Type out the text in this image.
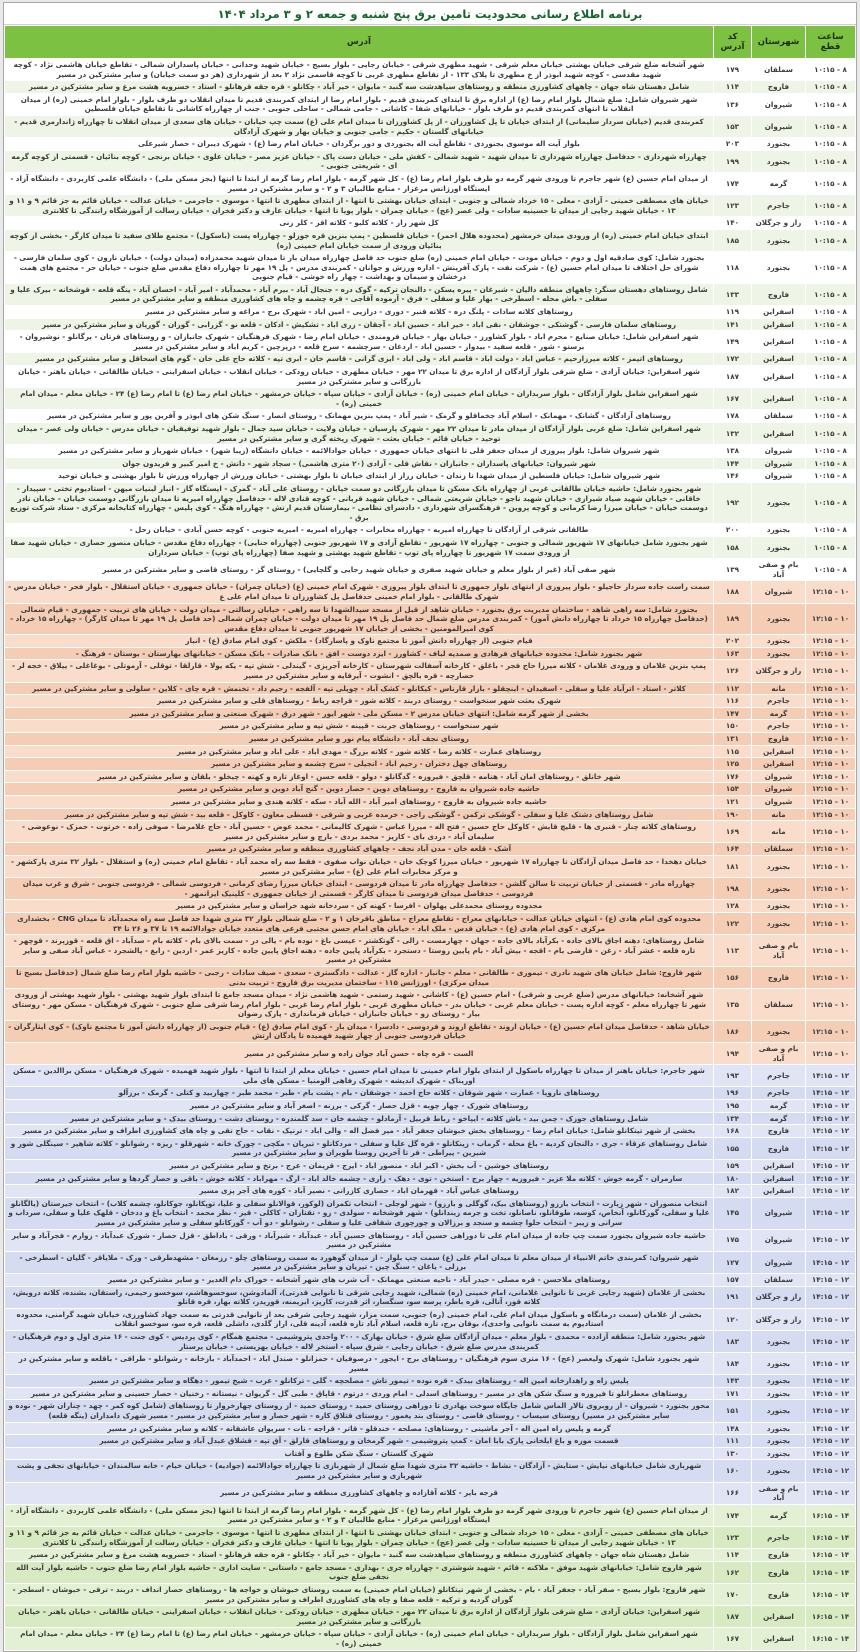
برنامه اطلاع رسانی محدودیت تامین برق پنج شنبه و جمعه ۲ و ۳ مرداد ۱۴۰۴
ساعت قطع	شهرستان	کد آدرس	آدرس
۸ - ۱۰:۱۵	سملقان	۱۷۹	شهر آشخانه ضلع شرقی خیابان بهشتی خیابان معلم شرقی - شهید مطهری شرقی - خیابان رجایی - بلوار بسیج - خیابان شهید وحدانی - خیابان پاسداران شمالی - تقاطع خیابان هاشمی نژاد - کوچه شهید مقدسی - کوچه شهید ابوذر از خ مطهری تا پلاک ۱۳۳ - از تقاطع مطهری غربی تا کوچه قاسمی نژاد ۲ بعد از شهرداری (هر دو سمت خیابان) و سایر مشترکین در مسیر
۸ - ۱۰:۱۵	فاروج	۱۱۴	شامل دهستان شاه جهان - چاههای کشاورزی منطقه و روستاهای سیاهدشت سه گنبد - مایوان - خیر آباد - چکانلو - قره جقه قرهانلو - استاد - خسرویه هشت مرغ و سایر مشترکین در مسیر
۸ - ۱۰:۱۵	شیروان	۱۳۶	شهر شیروان شامل: ضلع شمال بلوار امام رضا (ع) از اداره برق تا ابتدای کمربندی قدیم - بلوار امام رضا از ابتدای کمربندی قدیم تا میدان انقلاب دو طرف بلوار - بلوار امام خمینی (ره) از میدان انقلاب تا انتهای کمربندی قدیم دو طرف بلوار - خیابانهای شفا - کاشانی - جامی شمالی - ساحلی جنوبی - جنب از چهارراه کاشانی تا تقاطع خیابان فلسطین
۸ - ۱۰:۱۵	شیروان	۱۵۳	کمربندی قدیم (خیابان سردار سلیمانی) از ابتدای خیابان تا پل کشاورزان - از پل کشاورزان تا میدان امام علی (ع) سمت چپ خیابان - خیابان های سعدی از میدان انقلاب تا چهارراه ژاندارمری قدیم - خیابانهای گلستان - حکیم - جامی جنوبی و خیابان بهار و شهرک آزادگان
۸ - ۱۰:۱۵	بجنورد	۲۰۳	بلوار آیت اله موسوی بجنوردی - تقاطع آیت اله بجنوردی و دور برگردان - خیابان امام رضا (ع) - شهرک دیبران - حصار شیرعلی
۸ - ۱۰:۱۵	بجنورد	۱۹۹	چهارراه شهرداری - حدفاصل چهارراه شهرداری تا میدان شهید - شهید شمالی - کفش ملی - خیابان دست پاک - خیابان عزیز مصر - خیابان علوی - خیابان برنجی - کوچه بنائیان - قسمتی از کوچه گرمه ای - شریعتی جنوبی -
۸ - ۱۰:۱۵	گرمه	۱۷۴	از میدان امام حسین (ع) شهر جاجرم تا ورودی شهر گرمه دو طرف بلوار امام رضا (ع) - کل شهر گرمه - بلوار امام رضا گرمه از ابتدا تا انتها (بجز مسکن ملی) - دانشگاه علمی کاربردی - دانشگاه آزاد - ایستگاه اورژانس مرغزار - منابع طالبیان ۳ و ۲ - و سایر مشترکین در مسیر
۸ - ۱۰:۱۵	جاجرم	۱۲۳	خیابان های مصطفی خمینی - آزادی - معلی - ۱۵ خرداد شمالی و جنوبی - ابتدای خیابان بهشتی تا انتها - از ابتدای مطهری تا انتها - موسوی - جاجرمی - خیابان عدالت - خیابان قائم به جز قائم ۹ و ۱۱ و ۱۳ - خیابان شهید رجایی از میدان تا حسینیه سادات - ولی عصر (عج) - خیابان چمران - بلوار پویا تا انتها - خیابان عارف و دکتر فخران - خیابان رسالت از آموزشگاه رانندگی تا کلانتری
۸ - ۱۰:۱۵	راز و جرگلان	۱۴۰	کل شهر راز - کلاته کلبو - کلاته اقر - کلر زنی
۸ - ۱۰:۱۵	بجنورد	۱۸۵	ابتدای خیابان امام خمینی (ره) از ورودی میدان خرمشهر (محدوده هلال احمر) - خیابان فلسطین - پمپ بنزین قره جوزلو - چهارراه پست (باسکول) - مجتمع طلای سفید تا میدان کارگر - بخشی از کوچه بنائیان ورودی از سمت خیابان امام خمینی (ره)
۸ - ۱۰:۱۵	بجنورد	۱۱۸	بجنورد شامل: کوی صادقیه اول و دوم - خیابان مودت - خیابان امام خمینی (ره) ضلع جنوب حد فاصل چهارراه میدان بار تا میدان شهید محمدزاده (میدان دولت) - خیابان نارون - کوی سلمان فارسی - شورای حل اختلاف تا میدان امام حسین (ع) - شرکت نفت - پارک آفرینش - اداره ورزش و جوانان - کمربندی مدرس - پل ۱۹ مهر تا چهارراه دفاع مقدس ضلع جنوب - خیابان حر - مجتمع های همت درخشان و سیمان و بهداشت - چهار راه خوشی - قیام جنوبی
۸ - ۱۰:۱۵	فاروج	۱۳۳	شامل روستاهای دهستان سنگر: چاههای منطقه دالیان - شیرغان - پیره یسکن - دالنجان ترکیه - گوک دره - جنجال آباد - بیرم آباد - محمدآباد - امیر آباد - احسان آباد - ینگه قلعه - قوشخانه - بیرک علیا و سفلی - باش محله - اسطرخی - بهار علیا و سفلی - فرق - آزموده آقاجی - قره چشمه و چاه های کشاورزی منطقه و سایر مشترکین در مسیر
۸ - ۱۰:۱۵	اسفراین	۱۱۹	روستاهای کلاته سادات - پلنگ دره - کلاته قنبر - دوری - درازپی - امین اباد - شهرک برج - مراغه و سایر مشترکین در مسیر
۸ - ۱۰:۱۵	اسفراین	۱۴۱	روستاهای سلمان فارسی - گوشتکی - جوشقان - نقی اباد - خیر اباد - حسین اباد - آجقان - زری اباد - تشکیش - ادکان - قلعه نو - گزرابی - گوران - گوریان و سایر مشترکین در مسیر
۸ - ۱۰:۱۵	اسفراین	۱۴۹	شهر اسفراین شامل: خیابان صنایع - محرم اباد - بلوار کشاورز - خیابان بهار - خیابان فرومندی - خیابان امام رضا - شهرک فرهنگیان - شهرک جانبازان - و روستاهای فرتان - برگانلو - نوشیروان - برستو - شور - قلعه سفید - بیدواز - حسین اباد - اردغان - سرچشمه - سرخ قلعه - درپرچین - کریم اباد و سایر مشترکین در مسیر
۸ - ۱۰:۱۵	اسفراین	۱۷۲	روستاهای اتیمز - کلاته میرزارحیم - عباس اباد - دولت اباد - قاسم اباد - ولی اباد - ایزی گرانی - قاسم خان - ابری تپه - کلاته حاج علی خان - گوم های اسحاقل و سایر مشترکین در مسیر
۸ - ۱۰:۱۵	اسفراین	۱۸۷	شهر اسفراین: خیابان آزادی - ضلع شرقی بلوار آزادگان از اداره برق تا میدان ۲۲ مهر - خیابان مطهری - خیابان رودکی - خیابان انقلاب - خیابان اسفراینی - خیابان طالقانی - خیابان باهنر - خیابان بازرگانی و سایر مشترکین در مسیر
۸ - ۱۰:۱۵	اسفراین	۱۶۷	شهر اسفراین شامل بلوار آزادگان - بلوار سربداران - خیابان امام خمینی (ره) - خیابان آزادی - خیابان سپاه - خیابان خرمشهر - خیابان امام رضا (ع) تا امام رضا (ع) ۲۴ - خیابان معلم - میدان امام خمینی (ره) -
۸ - ۱۰:۱۵	سملقان	۱۷۸	روستاهای آزادگان - گشانک - مهمانک - اسلام آباد جخماقلو و گرمک - شیر آباد - پمپ بنزین مهمانک - روستای انصار - سنگ شکن های ابوذر و آفرین پور و سایر مشترکین در مسیر
۸ - ۱۰:۱۵	اسفراین	۱۳۲	شهر اسفراین شامل: ضلع غربی بلوار آزادگان از میدان مادر تا میدان ۲۲ مهر - شهرک پارسیان - خیابان ولایت - خیابان سید جمال - بلوار شهید توفیقیان - خیابان مدرس - خیابان ولی عصر - میدان توحید - خیابان قائم - خیابان بعثت - شهرک ریخته گری و سایر مشترکین در مسیر
۸ - ۱۰:۱۵	شیروان	۱۳۸	شهر شیروان شامل: بلوار پیروزی از میدان جعفر قلی تا انتهای خیابان جمهوری - خیابان جوادالائمه - خیابان دانشگاه (زیبا شهر) - خیابان شهریار و سایر مشترکین در مسیر
۸ - ۱۰:۱۵	شیروان	۱۴۴	شهر شیروان: خیابانهای پاسداران - جانبازان - نقاش قلی - آزادی (۲۰ متری هاشمی) - سجاد شهر - دانش - خ امیر کبیر و فریدون جوان
۸ - ۱۰:۱۵	شیروان	۱۴۶	شهر شیروان شامل: خیابان فلسطین از میدان شهدا تا زندان - خیابان رزاز از ابتدای خیابان تا بلوار بهشتی - خیابان ورزش از چهارراه ورزش تا بلوار بهشتی و خیابان توحید
۸ - ۱۰:۱۵	بجنورد	۱۹۲	شهر بجنورد شامل: حاشیه خیابان طالقانی غربی از چهارراه بانک مسکن تا میدان بازرگانی دو سمت خیابان - روستای علی آباد - گمرک - ایستگاه گاز - انبار لبنیات میهن - استادیوم تختی - سپیدار - خاقانی - خیابان شهید صیاد شیرازی - خیابان شهید ناجو - خیابان شریعتی شمالی - خیابان شهید قربانی - کوچه قنادی لاله - حدفاصل چهارراه امیریه تا میدان بازرگانی دوسمت خیابان - خیابان نادر دوسمت خیابان - خیابان میرزا رضا کرمانی و کوچه پروین - فرهنگسرای شهرداری - دادسرای نظامی - بیمارستان قدیم ارتش - چهارراه هنگ - کوی پلیس - چهارراه کتابخانه مرکزی - ستاد شرکت توزیع برق -
۸ - ۱۰:۱۵	بجنورد	۲۰۰	طالقانی شرقی از آزادگان تا چهارراه امیریه - چهارراه مخابرات - چهارراه امیریه - امیریه جنوبی - کوچه حسن آبادی - خیابان زحل -
۸ - ۱۰:۱۵	بجنورد	۱۵۸	شهر بجنورد شامل خیابانهای ۱۷ شهریور شمالی و جنوبی - چهارراه ۱۷ شهریور - تقاطع آزادی و ۱۷ شهریور جنوبی (چهارراه حنایی) - چهارراه دفاع مقدس - خیابان منصور حصاری - خیابان شهید صفا از ورودی سمت ۱۷ شهریور تا چهارراه پای توپ - تقاطع شهید بهشتی و شهید صفا (چهارراه پای توپ) - خیابان سرداران
۸ - ۱۰:۱۵	بام و صفی آباد	۱۳۹	شهر صفی آباد (غیر از بلوار معلم و خیابان شهید صفری و خیابان شهید رجایی و گلچایی) - روستای گز - روستای قاضی و سایر مشترکین در مسیر
۱۰ - ۱۲:۱۵	شیروان	۱۸۸	سمت راست جاده سردار حاجیلو - بلوار پیروزی از انتهای بلوار جمهوری تا ابتدای بلوار پیروزی - شهرک امام خمینی (ع) (خیابان چمران) - خیابان جمهوری - خیابان استقلال - بلوار فجر - خیابان مدرس - شهرک طالقانی - بلوار امام خمینی حدفاصل پل کشاورزان تا میدان امام علی ع
۱۰ - ۱۲:۱۵	بجنورد	۱۸۹	بجنورد شامل: سه راهی شاهد - ساختمان مدیریت برق بجنورد - خیابان شاهد از قبل از مسجد سیدالشهدا تا سه راهی - خیابان رسالتی - میدان دولت - خیابان های تربیت - جمهوری - قیام شمالی (حدفاصل چهارراه ۱۵ خرداد تا چهارراه دانش آموز) - کمربندی مدرس ضلع شمال حد فاصل پل ۱۹ مهر تا میدان دولت - خیابان چمران شمالی (حد فاصل پل ۱۹ مهر تا میدان کارگر) - چهارراه ۱۵ خرداد - کوی امیرالمومنین - بخشی از خیابان ۱۷ شهریور جنوبی تا میدان دفاع مقدس
۱۰ - ۱۲:۱۵	بجنورد	۲۰۲	قیام جنوبی (از چهارراه دانش آموز تا مجتمع ناوک و پاسارگاد) - ملکش - کوی امام صادق (ع) - انبار
۱۰ - ۱۲:۱۵	بجنورد	۱۶۳	شهر بجنورد شامل: محدوده خیابانهای فرهادی و صمدیه لباف - کشاورز - ایزد دوست - افق - بانک صادرات - بانک مسکن - خیابانهای بهارستان - بوستان - فرهنگ -
۱۰ - ۱۲:۱۵	راز و جرگلان	۱۲۶	پمپ بنزین غلامان و ورودی غلامان - کلاته میرزا حاج فجر - باغلق - کارخانه آسفالت شهرستان - کارخانه آجرپزی - گیندلی - شش تپه - یکه یولا - قارلقا - توقلی - آرموتلی - بوغاغلی - ییلاق - خجه لر - حصارچه - قره بالچق - انشوت - آیرقایه و سایر مشترکین در مسیر
۱۰ - ۱۲:۱۵	مانه	۱۱۲	کلاتر - استاد - اترآباد علیا و سفلی - اسفیدان - اینچقلو - بازار قارناس - کیکانلو - کشک آباد - چوپلی تپه - آلفجه - رحیم داد - تخنمش - قره چای - کلاین - سلولی و سایر مشترکین در مسیر
۱۰ - ۱۲:۱۵	جاجرم	۱۱۶	شهرک بعثت شهر سنخواست - روستای دربند - کلاته شور - قراجه رباط - روستاهای قلی و سایر مشترکین در مسیر
۱۰ - ۱۲:۱۵	گرمه	۱۴۷	بخشی از شهر گرمه شامل: انتهای خیابان مدرس ۲ - مسکن ملی - شهر ایور - شهر درق - شهرک صنعتی و سایر مشترکین در مسیر
۱۰ - ۱۲:۱۵	جاجرم	۱۵۰	شهر سنخواست - روستاهای جربت - قپینه - شش تپه و سایر مشترکین در مسیر
۱۰ - ۱۲:۱۵	فاروج	۱۳۱	روستای نجف آباد - دانشگاه پیام نور و سایر مشترکین در مسیر
۱۰ - ۱۲:۱۵	اسفراین	۱۱۵	روستاهای عمارت - کلاته رضا - کلاته شور - کلاته بزرگ - مهدی اباد - علی اباد و سایر مشترکین در مسیر
۱۰ - ۱۲:۱۵	اسفراین	۱۲۵	روستاهای چهل دختران - رحیم اباد - انجیلی - سرخ چشمه و سایر مشترکین در مسیر
۱۰ - ۱۲:۱۵	شیروان	۱۷۶	شهر خانلق - روستاهای امان آباد - هنامه - قلچق - فیروزه - گدگانلو - دولو - قلعه حسن - اوغاز تازه و کهنه - چیخلو - بلقان و سایر مشترکین در مسیر
۱۰ - ۱۲:۱۵	شیروان	۱۵۴	حاشیه جاده شیروان به فاروج - روستاهای دوین - حصار دوین - گنج آباد دوین و سایر مشترکین در مسیر
۱۰ - ۱۲:۱۵	شیروان	۱۲۱	حاشیه جاده شیروان به فاروج - روستاهای امیر آباد - الله آباد - سکه - کلاته هندی و سایر مشترکین در مسیر
۱۰ - ۱۲:۱۵	مانه	۱۹۰	شامل روستاهای دشتک علیا و سفلی - گوشکی ترکمن - گوشکی راجی - خرمده غربی و شرقی - قسطی معاون - کاوکل - قلعه بید - شش تپه و سایر مشترکین در مسیر
۱۰ - ۱۲:۱۵	مانه	۱۶۹	روستاهای کلاته چنار - قنبری ها - قلیچ قابش - کاوکل حاج حسین - فتح اله - میرزا عباس - شهرک کالیمانی - محمد عوض - حسین آباد - حاج غلامرضا - صوفی زاده - خرتوت - حمزک - نوعوضی - سلیمان آباد - دردی بای - کاریز - محمد بردی - بارچ و سایر مشترکین در مسیر
۱۰ - ۱۲:۱۵	سملقان	۱۶۴	آشک - قلعه خان - مدن آباد نجف - چاههای کشاورزی منطقه و سایر مشترکین در مسیر
۱۰ - ۱۲:۱۵	بجنورد	۱۸۱	خیابان دهخدا - حد فاصل میدان آزادگان تا چهارراه ۱۷ شهریور - خیابان میرزا کوچک خان - خیابان نواب صفوی - فقط سه راه محمد آباد - تقاطع امام خمینی (ره) و استقلال - بلوار ۳۲ متری پارکشهر - و مرکز مخابرات امام علی (ع) - سایر مشترکین در مسیر
۱۰ - ۱۲:۱۵	بجنورد	۱۹۸	چهارراه مادر - قسمتی از خیابان تربیت تا سالن گلشن - حدفاصل چهارراه مادر تا میدان فردوسی - ابتدای خیابان میرزا رضای کرمانی - فردوسی شمالی - فردوسی جنوبی - شرق و غرب میدان فردوسی - حدفاصل میدان فردوسی تا میدان کارگر - قسمتی از خیابان جمهوری - کلینیک ایرانمهر -
۱۰ - ۱۲:۱۵	بجنورد	۱۲۸	محدوده روستای محمدعلی پهلوان - افرسا - کهنه کن - سردخانه شهد خراسان و سایر مشترکین در مسیر
۱۰ - ۱۲:۱۵	بجنورد	۱۲۲	محدوده کوی امام هادی (ع) - انتهای خیابان عدالت - خیابانهای معراج - تقاطع معراج - مناطق باقرخان ۱ و ۲ - ضلع شمالی بلوار ۳۲ متری شهدا حد فاصل سه راه محمدآباد تا میدان CNG - بخشداری مرکزی - کوی امام هادی (ع) - خیابان قدس - ملک اباد - خیابان های امام حسن مجتبی فرعی های متعدد خیابان جوادالائمه ۱۹ تا ۳۷ و ۲۶ تا ۳۴
۱۰ - ۱۲:۱۵	بام و صفی آباد	۱۱۳	شامل روستاهای: دهنه اجاق بالای جاده - بکرآباد بالای جاده - جهان - چهارمست - زالی - گوتکشتر - عیسی باغ - نوده بام - یالی در - سمت بالای بام - کلاته بام - سدآباد - اق قلعه - قوزپرند - قوچهر - تازه قلعه - عشر آباد - زغن - قارضی بام - اقجه - بیش آباد - بام پایین روستا - دستجرد - بکرآباد پایین جاده - دهنه اجاق پایین جاده - کاریز عمر - اردین - رابغ - پالشجرد - عباس آباد صفی و سایر مشترکین در مسیر
۱۰ - ۱۲:۱۵	فاروج	۱۵۶	شهر فاروج: شامل خیابان های شهید نادری - تیموری - طالقانی - معلم - جانباز - اداره گاز - عدالت - دادگستری - سعدی - صیف سادات - رجبی - حاشیه بلوار امام رضا ضلع شمال (حدفاصل بسیج تا میدان مرکزی) - اورژانس ۱۱۵ - ساختمان مدیریت برق فاروج - تربیت بدنی
۱۰ - ۱۲:۱۵	سملقان	۱۳۵	شهر آشخانه: خیابانهای مدرس (ضلع غربی و شرقی) - امام حسین (ع) - کاشانی - شهید رستمی - شهید هاشمی نژاد - میدان مسجد جامع تا ابتدای بلوار شهید بهشتی - بلوار شهید بهشتی از ورودی شهر تا چهارراه معلم - کوچه اداره پست - خیابان معلم غربی - خیابان بدر - خیابان مطهری غربی - بلوار امام رضا غربی - بلوار امام رضا شرقی ضلع جنوبی - شهرک فرهنگیان - مسکن مهر - روستای بیار - روستای زو - خیابان جانبازان - خیابان فرمانداری - پارک رضوان
۱۰ - ۱۲:۱۵	بجنورد	۱۸۶	خیابان شاهد - حدفاصل میدان امام حسین (ع) - خیابان اروند - تقاطع اروند و فردوسی - دادسرا - میدان بار - کوی امام صادق (ع) - قیام جنوبی (از چهارراه دانش آموز تا مجتمع ناوک) - کوی ایثارگران - خیابان فردوسی جنوبی از چهار شهید فهمیده تا پادگان ارتش
۱۰ - ۱۲:۱۵	بام و صفی آباد	۱۹۴	الست - قره چاه - حسن آباد جوان زاده و سایر مشترکین در مسیر
۱۲ - ۱۴:۱۵	جاجرم	۱۹۳	شهر جاجرم: خیابان باهنر از میدان تا چهارراه باسکول از ابتدای بلوار امام خمینی تا میدان امام حسین - خیابان معلم از ابتدا تا انتها - بلوار شهید فهمیده - شهرک فرهنگیان - مسکن براالدین - مسکن اوریناک - شهرک اندیشه - شهرک رفاهی الومنیا - مسکن های ملی
۱۲ - ۱۴:۱۵	جاجرم	۱۹۶	روستاهای ناروپا - عمارت - شهر شوقان - کلاته حاج احمد - جوشقان - بام - پشت بام - طبر - محمد طبر - چهاربید و کتلی - گرمک - برزآلو
۱۲ - ۱۴:۱۵	گرمه	۱۹۵	روستاهای شورک - چهار چوبه - قزل حصار - گرکی - برزنه - اصغر آباد و سایر مشترکین در مسیر
۱۲ - ۱۴:۱۵	گرمه	۱۳۴	شامل روستاهای جوزک - چمن بید - باش کلاته - ایپاخو - رباط قربیل - آرمادلو - چشمه خان - سد گلمندره - روستای دشت - روستای بیدک - و سایر مشترکین در مسیر
۱۲ - ۱۴:۱۵	فاروج	۱۶۸	بخشی از شهر تیتکانلو شامل: خیابان امام رضا - روستاهای بخش خبوشان جعفر آباد - میر فضل اله - والی اباد - ترنیک - نقاب - حاج تقی و چاه های کشاورزی اطراف و سایر مشترکین در مسیر
۱۲ - ۱۴:۱۵	فاروج	۱۵۵	شامل روستاهای عرقاء - جری - دالنجان کردیه - باغ محله - گرماب - زینکانلو - قره گل علیا و سفلی - مردکانلو - تبریان - مکچی - چورک خانه - شهرقلو - ریزه - رشوانلو - کلاته شاهیر - سینگلی شور و شیرین - پیراطی - قر تا آخرین روستا طویران و سایر مشترکین در مسیر
۱۲ - ۱۴:۱۵	اسفراین	۱۵۹	روستاهای خوشین - آب بخش - اکبر اباد - منصور اباد - ایرج - قریمان - عرج - برتخ و سایر مشترکین در مسیر
۱۲ - ۱۴:۱۵	اسفراین	۱۸۰	سارمران - گرمه خوش - کلاته ملا عزیز - فیروزیه - چهار برج - استخن - توی - دهک - زاری - چشمه خالد اباد - ارگ - مهراباد - کلاته خوش - باقی و حصار گردها و سایر مشترکین در مسیر
۱۲ - ۱۴:۱۵	اسفراین	۱۸۲	روستاهای عباس آباد - قهرمان اباد - حصاری کازرانی - نصیر آباد - کوره های آجر پزی مسیر
۱۲ - ۱۴:۱۵	شیروان	۱۴۵	انتخاب منصوران - شهر زیارت - انتخاب بارزو (روستاهای بیک، گوگلی و بارزو) - شهر لوجلی - انتخاب تکمران (لوکور، قوالانلو سفلی و علیا، توپکانلو، جوکانلو، چشمه کلاب) - انتخاب جیرستان (یالگانلو علیا و سفلی، گورکانلو، آنخاص، کوسه، طوقانلو، ناصانلو، تخت و جرمه زیندانلو) - شهر قوشخانه - سولدی - زو - تقتازان - کاکلی - قیز - نظر محمد - انتخاب باغ و ددخان - قلهک علیا و سفلی، سرداب و سرانی و زیبر - انتخاب حلوا چشمه و سنجد و برزالان و چورچوری شقافی علیا و سفلی - رشوانلو - دو آب - گورکانلو سفلی و سایر مشترکین در مسیر
۱۲ - ۱۴:۱۵	شیروان	۱۷۵	حاشیه جاده شیروان بجنورد سمت چپ جاده از میدان امام علی تا دوراهی حسین آباد - روستاهای حسین آباد - عبدآباد - شیرآباد - ورقی - باداطق - قزل حصار - شورک عبدآباد - زوارم - فجرآباد و سایر مشترکین در مسیر
۱۲ - ۱۴:۱۵	شیروان	۱۲۷	شهر شیروان: کمربندی خاتم الانبیاء از میدان معلم تا میدان امام علی (ع) سمت چپ بلوار - از میدان گوهورد به سمت روستاهای چلو - رزمغان - مشهدطرقی - ورک - ملایاقر - گلیان - اسطرخی - برزلی - یاغان - سنگ چین - تیریان و سایر مشترکین در مسیر
۱۲ - ۱۴:۱۵	سملقان	۱۵۷	روستاهای ملاحسن - قره مصلی - حیدر آباد - ناحیه صنعتی مهمانک - آب شرب های شهر آشخانه - خوراک دام الغدیر - و سایر مشترکین در مسیر
۱۲ - ۱۴:۱۵	راز و جرگلان	۱۹۱	بخشی از غلامان (شهید رجایی غربی تا نانوایی غلامانی، امام خمینی (ره) شمالی، شهید رجایی شرقی تا نانوایی قدرتی)، آلمادوشن، سوخسوهاشم، سوخسو رحیمی، راستقان، بشنده، کلاته درویش، کلاته قوز، آنالی، قره باطر، پرسه سو، سنگسار، اثر قدرت، کاریز، ابریمنه، قوریدر، کلاته بهار، قره قانلو
۱۲ - ۱۴:۱۵	راز و جرگلان	۱۲۰	بخشی از غلامان (سمت درمانگاه و باسکول میدان امام علی، امام خمینی (ره) جنوبی، سمت مزار، شهید رجایی شرقی بعد از نانوایی قدرتی به سمت جهاد کشاورزی، خیابان شهید گرامنی، محدوده استادیوم به سمت نانوایی واحدی)، بوقان برج، تازه قلعه، اسلام آباد تازه قلعه، آدینه قلی، اراز گلدی، داشلی قلعه، قره سو، سوخسو انقلاب
۱۲ - ۱۴:۱۵	بجنورد	۱۸۳	شهر بجنورد شامل: منطقه آزادده - محمدی - بلوار معلم - میدان آزادگان ضلع شرق - خیابان بهارک - ۲۰۰ واحدی پتروشیمی - مجتمع همگام - کوی پردیس - کوی جنت - ۱۶ متری اول و دوم فرهنگیان - کمربندی مدرس ضلع شرق - خیابان رجایی - شرق سپاه - استخر لاله - خیابان بهزیستی - خیابان پرستار
۱۲ - ۱۴:۱۵	بجنورد	۱۸۴	شهر بجنورد شامل: شهرک ولیعصر (عج) - ۱۶ متری سوم فرهنگیان - روستاهای برج - ایجور - درصوفیان - حمزانلو - صندل اباد - احمدآباد - بازخانه - رشوانلو - طراقی - باقلعه و سایر مشترکین در مسیر
۱۲ - ۱۴:۱۵	بجنورد	۱۴۳	پلیس راه و راهدارخانه امین اله - روستاهای بیدک - قره نوده - تیمور تاش - مصلحچه - گلی - ترکانلو - عرب - شیخ تیمور - دهگاه و سایر مشترکین در مسیر
۱۲ - ۱۴:۱۵	بجنورد	۱۷۱	روستاهای معطرانلو تا فیروزه و سنگ شکن های در مسیر - روستاهای اسدلی - امام وردی - درتوم - قاپاق - طبی گل - گریوان - نیستانه - رخنیان - حصار حسینی و سایر مشترکین در مسیر
۱۲ - ۱۴:۱۵	بجنورد	۱۵۱	محور بجنورد - شیروان - از روبروی تالار الماس شامل جایگاه سوخت بهادری تا دوراهی روستای حمید - روستای حمید - از روستای چهارخروار تا روستاهای (شامل کوه کمر - چهد - چناران شهر - نوده و سایر مشترکین در مسیر) روستای سیساب - روستای قاضی - روستای بند یغمور - روستای قتلاق کاره - شهر حصار و سایر مشترکین در مسیر - مسیر شهرک دامداران (ینگه قلعه)
۱۲ - ۱۴:۱۵	بجنورد	۱۴۸	گرمه و پلیس راه امین اله - آجر ماشینی - روستاهای: مصلحه - خندقلو - قاتر - قراجه - نات - سریوان عاشقانه - کلاته و سایر مشترکین در مسیر
۱۲ - ۱۴:۱۵	بجنورد	۱۱۱	قسمت موزه و باغ ایلخانی پارک بابا امان - کمپ پتروشیمی - شهر گرمخان و روستاهای قارلق - آق تپه - قشلاق عبدل آباد و سایر مشترکین در مسیر
۱۲ - ۱۴:۱۵	بجنورد	۱۳۰	شهرک گلستان - سنگ شکن طلوع و آفتاب
۱۲ - ۱۴:۱۵	بجنورد	۱۶۰	شهربازی شامل خیابانهای نیایش - ستایش - آزادگان - نشاط - حاشیه ۳۲ متری شهدا ضلع شمال از شهربازی تا چهارراه جوادالائمه (جوادیه) - خیابان خیام - خانه سالمندان - خیابانهای نجفی و پشت شهربازی و سایر مشترکین در مسیر
۱۲ - ۱۴:۱۵	بام و صفی آباد	۱۶۶	قرجه بایر - کلاته آقازاده و چاههای کشاورزی منطقه و سایر مشترکین در مسیر
۱۴ - ۱۶:۱۵	گرمه	۱۷۴	از میدان امام حسین (ع) شهر جاجرم تا ورودی شهر گرمه دو طرف بلوار امام رضا (ع) - کل شهر گرمه - بلوار امام رضا گرمه از ابتدا تا انتها (بجز مسکن ملی) - دانشگاه علمی کاربردی - دانشگاه آزاد - ایستگاه اورژانس مرغزار - منابع طالبیان ۳ و ۲ - و سایر مشترکین در مسیر
۱۴ - ۱۶:۱۵	جاجرم	۱۲۳	خیابان های مصطفی خمینی - آزادی - معلی - ۱۵ خرداد شمالی و جنوبی - ابتدای خیابان بهشتی تا انتها - از ابتدای مطهری تا انتها - موسوی - جاجرمی - خیابان عدالت - خیابان قائم به جز قائم ۹ و ۱۱ و ۱۳ - خیابان شهید رجایی از میدان تا حسینیه سادات - ولی عصر (عج) - خیابان چمران - بلوار پویا تا انتها - خیابان عارف و دکتر فخران - خیابان رسالت از آموزشگاه رانندگی تا کلانتری
۱۴ - ۱۶:۱۵	فاروج	۱۱۴	شامل دهستان شاه جهان - چاههای کشاورزی منطقه و روستاهای سیاهدشت سه گنبد - مایوان - خیر آباد - چکانلو - قره جقه قرهانلو - استاد - خسرویه هشت مرغ و سایر مشترکین در مسیر
۱۴ - ۱۶:۱۵	فاروج	۱۶۲	شهر فاروج شامل: خیابانهای شهید موفق - ملاکنه - قائم - شهید شوشتری - چهارراه جری - بهداری - مسجد جامع - داستانی - سایت اداری - حاشیه بلوار امام رضا ضلع جنوب - حاشیه بلوار آیت الله نجفی ضلع جنوب
۱۴ - ۱۶:۱۵	فاروج	۱۷۰	شهر فاروج: بلوار بسیج - صفر آباد - جعفر آباد - بام - بخشی از شهر تیتکانلو (خیابان امام خمینی) به سمت روستای خبوشان و خواجه ها - روستاهای حصار انداف - دربند - ترقی - خبوشان - اسطجر - گوران گردیه و ترکیه - قلعه صفا و چاه های کشاورزی اطراف و سایر مشترکین در مسیر
۱۴ - ۱۶:۱۵	اسفراین	۱۸۷	شهر اسفراین: خیابان آزادی - ضلع شرقی بلوار آزادگان از اداره برق تا میدان ۲۲ مهر - خیابان مطهری - خیابان رودکی - خیابان انقلاب - خیابان اسفراینی - خیابان طالقانی - خیابان باهنر - خیابان بازرگانی و سایر مشترکین در مسیر
۱۴ - ۱۶:۱۵	اسفراین	۱۶۷	شهر اسفراین شامل بلوار آزادگان - بلوار سربداران - خیابان امام خمینی (ره) - خیابان آزادی - خیابان سپاه - خیابان خرمشهر - خیابان امام رضا (ع) تا امام رضا (ع) ۲۴ - خیابان معلم - میدان امام خمینی (ره) -
